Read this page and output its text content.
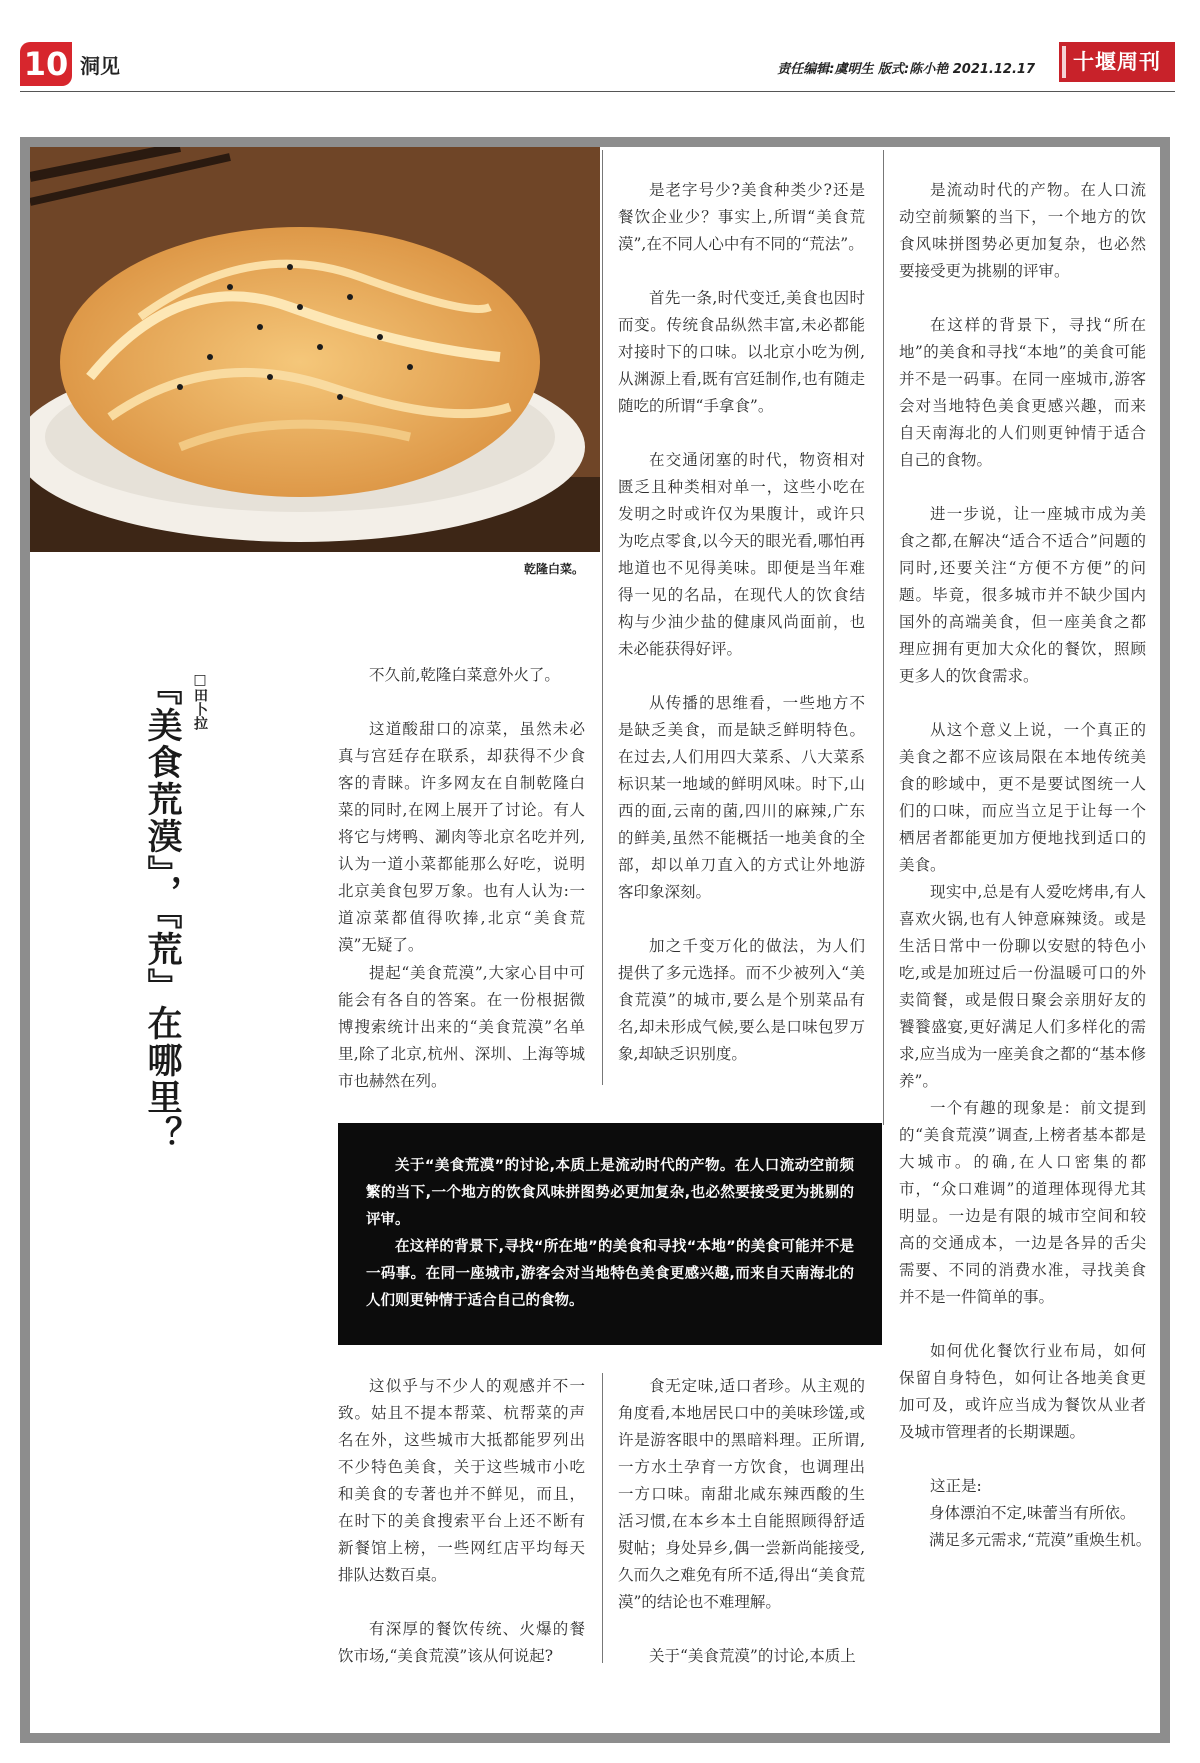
10 洞见	责任编辑:虞明生 版式:陈小艳 2021.12.17	十堰周刊
乾隆白菜。
『美食荒漠』，『荒』在哪里？ □田卜拉	不久前,乾隆白菜意外火了。

这道酸甜口的凉菜，虽然未必真与宫廷存在联系，却获得不少食客的青睐。许多网友在自制乾隆白菜的同时,在网上展开了讨论。有人将它与烤鸭、涮肉等北京名吃并列,认为一道小菜都能那么好吃，说明北京美食包罗万象。也有人认为:一道凉菜都值得吹捧,北京“美食荒漠”无疑了。

提起“美食荒漠”,大家心目中可能会有各自的答案。在一份根据微博搜索统计出来的“美食荒漠”名单里,除了北京,杭州、深圳、上海等城市也赫然在列。

是老字号少?美食种类少?还是餐饮企业少？事实上,所谓“美食荒漠”,在不同人心中有不同的“荒法”。

首先一条,时代变迁,美食也因时而变。传统食品纵然丰富,未必都能对接时下的口味。以北京小吃为例,从渊源上看,既有宫廷制作,也有随走随吃的所谓“手拿食”。

在交通闭塞的时代，物资相对匮乏且种类相对单一，这些小吃在发明之时或许仅为果腹计，或许只为吃点零食,以今天的眼光看,哪怕再地道也不见得美味。即便是当年难得一见的名品，在现代人的饮食结构与少油少盐的健康风尚面前，也未必能获得好评。

从传播的思维看，一些地方不是缺乏美食，而是缺乏鲜明特色。在过去,人们用四大菜系、八大菜系标识某一地域的鲜明风味。时下,山西的面,云南的菌,四川的麻辣,广东的鲜美,虽然不能概括一地美食的全部，却以单刀直入的方式让外地游客印象深刻。

加之千变万化的做法，为人们提供了多元选择。而不少被列入“美食荒漠”的城市,要么是个别菜品有名,却未形成气候,要么是口味包罗万象,却缺乏识别度。

是流动时代的产物。在人口流动空前频繁的当下，一个地方的饮食风味拼图势必更加复杂，也必然要接受更为挑剔的评审。

在这样的背景下，寻找“所在地”的美食和寻找“本地”的美食可能并不是一码事。在同一座城市,游客会对当地特色美食更感兴趣，而来自天南海北的人们则更钟情于适合自己的食物。

进一步说，让一座城市成为美食之都,在解决“适合不适合”问题的同时,还要关注“方便不方便”的问题。毕竟，很多城市并不缺少国内国外的高端美食，但一座美食之都理应拥有更加大众化的餐饮，照顾更多人的饮食需求。

从这个意义上说，一个真正的美食之都不应该局限在本地传统美食的畛域中，更不是要试图统一人们的口味，而应当立足于让每一个栖居者都能更加方便地找到适口的美食。

现实中,总是有人爱吃烤串,有人喜欢火锅,也有人钟意麻辣烫。或是生活日常中一份聊以安慰的特色小吃,或是加班过后一份温暖可口的外卖简餐，或是假日聚会亲朋好友的饕餮盛宴,更好满足人们多样化的需求,应当成为一座美食之都的“基本修养”。

一个有趣的现象是：前文提到的“美食荒漠”调查,上榜者基本都是大城市。的确,在人口密集的都市，“众口难调”的道理体现得尤其明显。一边是有限的城市空间和较高的交通成本，一边是各异的舌尖需要、不同的消费水准，寻找美食并不是一件简单的事。

如何优化餐饮行业布局，如何保留自身特色，如何让各地美食更加可及，或许应当成为餐饮从业者及城市管理者的长期课题。

这正是:

身体漂泊不定,味蕾当有所依。
满足多元需求,“荒漠”重焕生机。

关于“美食荒漠”的讨论,本质上是流动时代的产物。在人口流动空前频繁的当下,一个地方的饮食风味拼图势必更加复杂,也必然要接受更为挑剔的评审。

在这样的背景下,寻找“所在地”的美食和寻找“本地”的美食可能并不是一码事。在同一座城市,游客会对当地特色美食更感兴趣,而来自天南海北的人们则更钟情于适合自己的食物。

这似乎与不少人的观感并不一致。姑且不提本帮菜、杭帮菜的声名在外，这些城市大抵都能罗列出不少特色美食，关于这些城市小吃和美食的专著也并不鲜见，而且，在时下的美食搜索平台上还不断有新餐馆上榜，一些网红店平均每天排队达数百桌。

有深厚的餐饮传统、火爆的餐饮市场,“美食荒漠”该从何说起?

食无定味,适口者珍。从主观的角度看,本地居民口中的美味珍馐,或许是游客眼中的黑暗料理。正所谓,一方水土孕育一方饮食，也调理出一方口味。南甜北咸东辣西酸的生活习惯,在本乡本土自能照顾得舒适熨帖；身处异乡,偶一尝新尚能接受,久而久之难免有所不适,得出“美食荒漠”的结论也不难理解。

关于“美食荒漠”的讨论,本质上
